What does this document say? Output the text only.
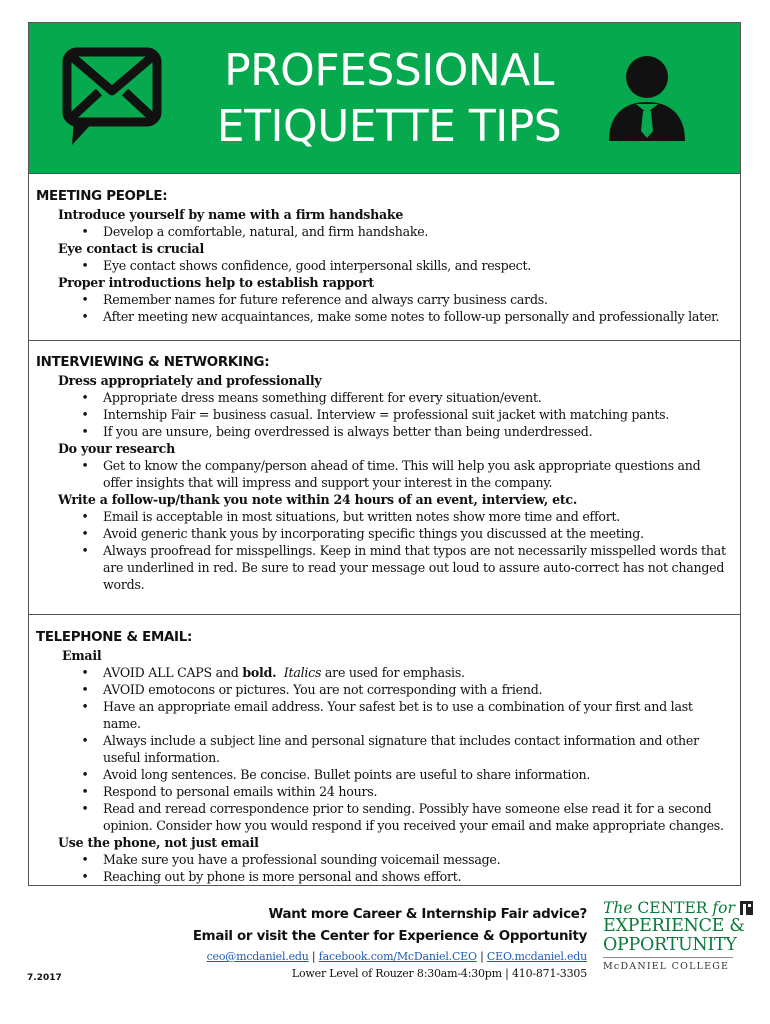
PROFESSIONAL
ETIQUETTE TIPS
MEETING PEOPLE:
Introduce yourself by name with a firm handshake
• Develop a comfortable, natural, and firm handshake.
Eye contact is crucial
• Eye contact shows confidence, good interpersonal skills, and respect.
Proper introductions help to establish rapport
• Remember names for future reference and always carry business cards.
• After meeting new acquaintances, make some notes to follow-up personally and professionally later.
INTERVIEWING & NETWORKING:
Dress appropriately and professionally
• Appropriate dress means something different for every situation/event.
• Internship Fair = business casual. Interview = professional suit jacket with matching pants.
• If you are unsure, being overdressed is always better than being underdressed.
Do your research
• Get to know the company/person ahead of time. This will help you ask appropriate questions and offer insights that will impress and support your interest in the company.
Write a follow-up/thank you note within 24 hours of an event, interview, etc.
• Email is acceptable in most situations, but written notes show more time and effort.
• Avoid generic thank yous by incorporating specific things you discussed at the meeting.
• Always proofread for misspellings. Keep in mind that typos are not necessarily misspelled words that are underlined in red. Be sure to read your message out loud to assure auto-correct has not changed words.
TELEPHONE & EMAIL:
Email
• AVOID ALL CAPS and bold. Italics are used for emphasis.
• AVOID emotocons or pictures. You are not corresponding with a friend.
• Have an appropriate email address. Your safest bet is to use a combination of your first and last name.
• Always include a subject line and personal signature that includes contact information and other useful information.
• Avoid long sentences. Be concise. Bullet points are useful to share information.
• Respond to personal emails within 24 hours.
• Read and reread correspondence prior to sending. Possibly have someone else read it for a second opinion. Consider how you would respond if you received your email and make appropriate changes.
Use the phone, not just email
• Make sure you have a professional sounding voicemail message.
• Reaching out by phone is more personal and shows effort.
Want more Career & Internship Fair advice?
Email or visit the Center for Experience & Opportunity
ceo@mcdaniel.edu | facebook.com/McDaniel.CEO | CEO.mcdaniel.edu
Lower Level of Rouzer 8:30am-4:30pm | 410-871-3305
The CENTER for
EXPERIENCE &
OPPORTUNITY
McDANIEL COLLEGE
7.2017
